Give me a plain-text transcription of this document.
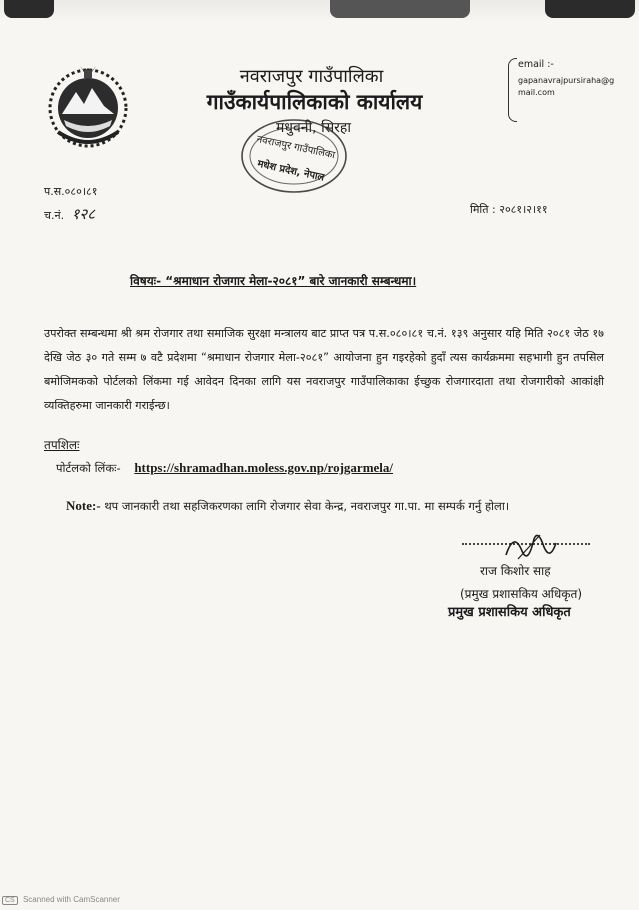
नवराजपुर गाउँपालिका
गाउँकार्यपालिकाको कार्यालय
मधुवनी, सिरहा
email :-
gapanavrajpursiraha@gmail.com
नवराजपुर गाउँपालिका
मधेश प्रदेश, नेपाल
प.स.०८०।८१
च.नं. १२८	मिति : २०८१।२।११
विषयः- “श्रमाधान रोजगार मेला-२०८१” बारे जानकारी सम्बन्धमा।
उपरोक्त सम्बन्धमा श्री श्रम रोजगार तथा समाजिक सुरक्षा मन्त्रालय बाट प्राप्त पत्र प.स.०८०।८१ च.नं. १३९ अनुसार यहि मिति २०८१ जेठ १७ देखि जेठ ३० गते सम्म ७ वटै प्रदेशमा “श्रमाधान रोजगार मेला-२०८१” आयोजना हुन गइरहेको हुदाँ त्यस कार्यक्रममा सहभागी हुन तपसिल बमोजिमकको पोर्टलको लिंकमा गई आवेदन दिनका लागि यस नवराजपुर गाउँपालिकाका ईच्छुक रोजगारदाता तथा रोजगारीको आकांक्षी व्यक्तिहरुमा जानकारी गराईन्छ।
तपशिलः
पोर्टलको लिंकः- https://shramadhan.moless.gov.np/rojgarmela/
Note:- थप जानकारी तथा सहजिकरणका लागि रोजगार सेवा केन्द्र, नवराजपुर गा.पा. मा सम्पर्क गर्नु होला।
राज किशोर साह
(प्रमुख प्रशासकिय अधिकृत)
प्रमुख प्रशासकिय अधिकृत
CS Scanned with CamScanner
